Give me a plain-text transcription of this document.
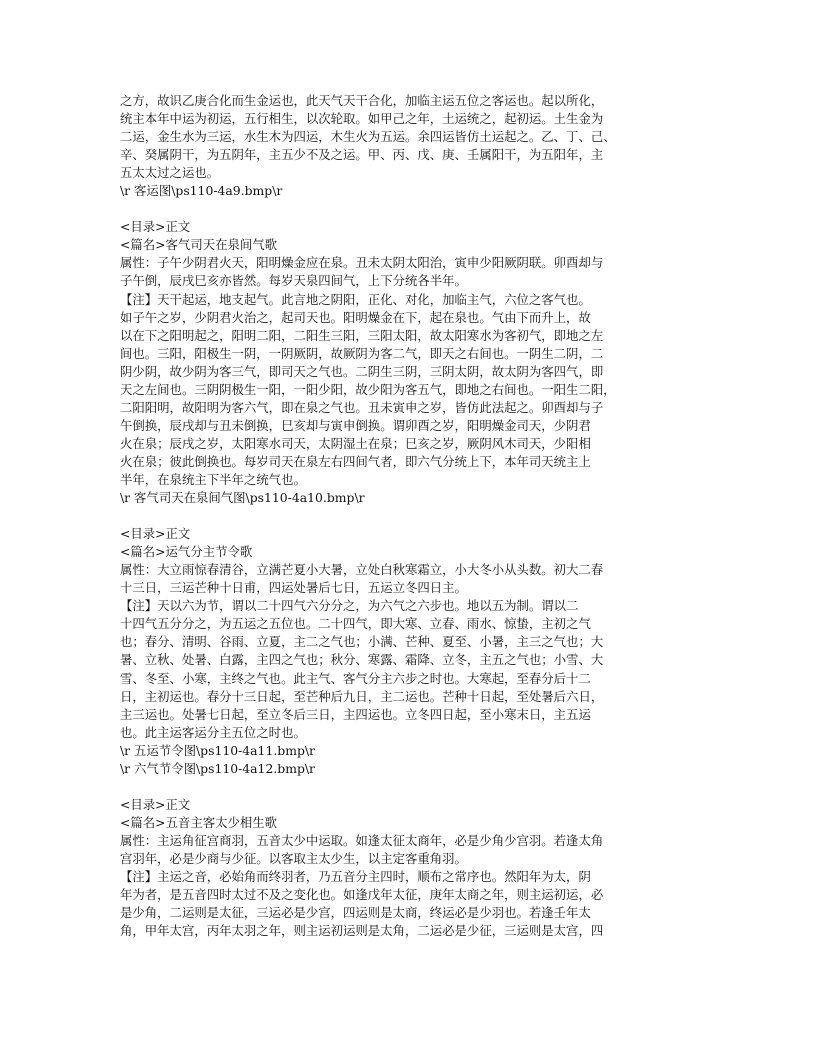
之方，故识乙庚合化而生金运也，此天气天干合化，加临主运五位之客运也。起以所化，
统主本年中运为初运，五行相生，以次轮取。如甲己之年，土运统之，起初运。土生金为
二运，金生水为三运，水生木为四运，木生火为五运。余四运皆仿土运起之。乙、丁、己、
辛、癸属阴干，为五阴年，主五少不及之运。甲、丙、戊、庚、壬属阳干，为五阳年，主
五太太过之运也。
\r 客运图\ps110-4a9.bmp\r
<目录>正文
<篇名>客气司天在泉间气歌
属性：子午少阴君火天，阳明燥金应在泉。丑未太阴太阳治，寅申少阳厥阴联。卯酉却与
子午倒，辰戌巳亥亦皆然。每岁天泉四间气，上下分统各半年。
【注】天干起运，地支起气。此言地之阴阳，正化、对化，加临主气，六位之客气也。
如子午之岁，少阴君火治之，起司天也。阳明燥金在下，起在泉也。气由下而升上，故
以在下之阳明起之，阳明二阳，二阳生三阳，三阳太阳，故太阳寒水为客初气，即地之左
间也。三阳，阳极生一阴，一阴厥阴，故厥阴为客二气，即天之右间也。一阴生二阴，二
阴少阴，故少阴为客三气，即司天之气也。二阴生三阴，三阴太阴，故太阴为客四气，即
天之左间也。三阴阴极生一阳，一阳少阳，故少阳为客五气，即地之右间也。一阳生二阳，
二阳阳明，故阳明为客六气，即在泉之气也。丑未寅申之岁，皆仿此法起之。卯酉却与子
午倒换，辰戌却与丑未倒换，巳亥却与寅申倒换。谓卯酉之岁，阳明燥金司天，少阴君
火在泉；辰戌之岁，太阳寒水司天，太阴湿土在泉；巳亥之岁，厥阴风木司天，少阳相
火在泉；彼此倒换也。每岁司天在泉左右四间气者，即六气分统上下，本年司天统主上
半年，在泉统主下半年之统气也。
\r 客气司天在泉间气图\ps110-4a10.bmp\r
<目录>正文
<篇名>运气分主节令歌
属性：大立雨惊春清谷，立满芒夏小大暑，立处白秋寒霜立，小大冬小从头数。初大二春
十三日，三运芒种十日甫，四运处暑后七日，五运立冬四日主。
【注】天以六为节，谓以二十四气六分分之，为六气之六步也。地以五为制。谓以二
十四气五分分之，为五运之五位也。二十四气，即大寒、立春、雨水、惊蛰，主初之气
也；春分、清明、谷雨、立夏，主二之气也；小满、芒种、夏至、小暑，主三之气也；大
暑、立秋、处暑、白露，主四之气也；秋分、寒露、霜降、立冬，主五之气也；小雪、大
雪、冬至、小寒，主终之气也。此主气、客气分主六步之时也。大寒起，至春分后十二
日，主初运也。春分十三日起，至芒种后九日，主二运也。芒种十日起，至处暑后六日，
主三运也。处暑七日起，至立冬后三日，主四运也。立冬四日起，至小寒末日，主五运
也。此主运客运分主五位之时也。
\r 五运节令图\ps110-4a11.bmp\r
\r 六气节令图\ps110-4a12.bmp\r
<目录>正文
<篇名>五音主客太少相生歌
属性：主运角征宫商羽，五音太少中运取。如逢太征太商年，必是少角少宫羽。若逢太角
宫羽年，必是少商与少征。以客取主太少生，以主定客重角羽。
【注】主运之音，必始角而终羽者，乃五音分主四时，顺布之常序也。然阳年为太，阴
年为者，是五音四时太过不及之变化也。如逢戊年太征，庚年太商之年，则主运初运，必
是少角，二运则是太征，三运必是少宫，四运则是太商，终运必是少羽也。若逢壬年太
角，甲年太宫，丙年太羽之年，则主运初运则是太角，二运必是少征，三运则是太宫，四
